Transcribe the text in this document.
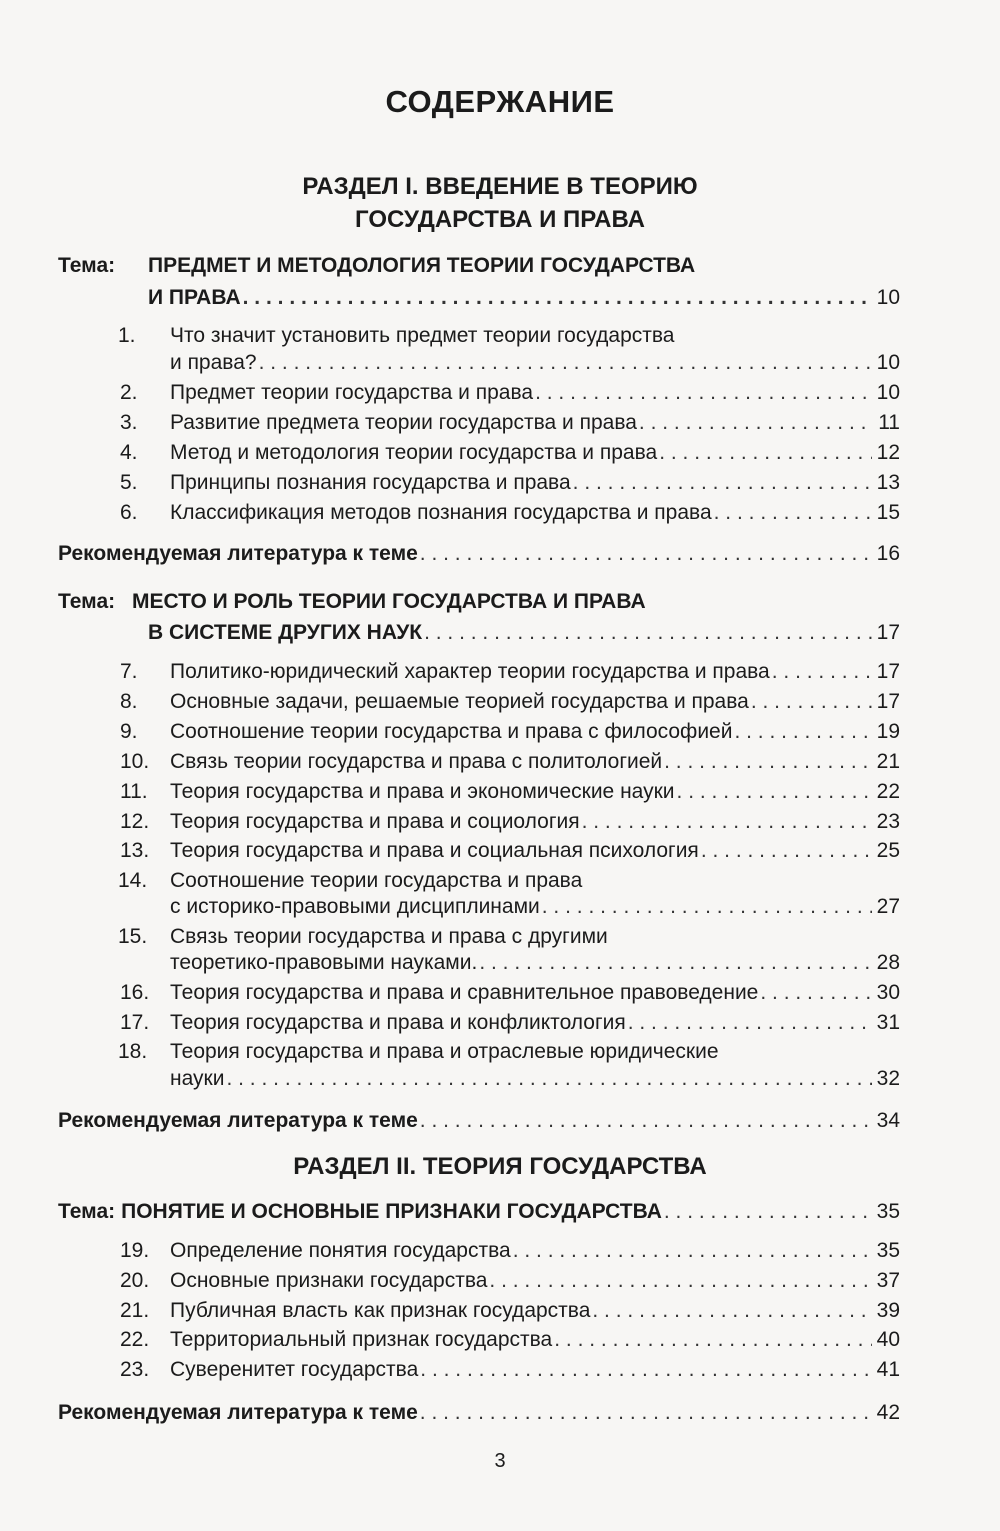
СОДЕРЖАНИЕ
РАЗДЕЛ I. ВВЕДЕНИЕ В ТЕОРИЮ
ГОСУДАРСТВА И ПРАВА
Тема: ПРЕДМЕТ И МЕТОДОЛОГИЯ ТЕОРИИ ГОСУДАРСТВА
И ПРАВА . . .	10
1. Что значит установить предмет теории государства
и права? . . .	10
2.	Предмет теории государства и права . . .	10
3.	Развитие предмета теории государства и права . . .	11
4.	Метод и методология теории государства и права . . .	12
5.	Принципы познания государства и права . . .	13
6.	Классификация методов познания государства и права . . .	15
Рекомендуемая литература к теме . . .	16
Тема: МЕСТО И РОЛЬ ТЕОРИИ ГОСУДАРСТВА И ПРАВА
В СИСТЕМЕ ДРУГИХ НАУК . . .	17
7.	Политико-юридический характер теории государства и права . . .	17
8.	Основные задачи, решаемые теорией государства и права . . .	17
9.	Соотношение теории государства и права с философией . . .	19
10. Связь теории государства и права с политологией . . .	21
11.	Теория государства и права и экономические науки . . .	22
12. Теория государства и права и социология . . .	23
13. Теория государства и права и социальная психология . . .	25
14. Соотношение теории государства и права
с историко-правовыми дисциплинами . . .	27
15. Связь теории государства и права с другими
теоретико-правовыми науками. . . .	28
16. Теория государства и права и сравнительное правоведение . . .	30
17. Теория государства и права и конфликтология . . .	31
18. Теория государства и права и отраслевые юридические
науки . . .	32
Рекомендуемая литература к теме . . .	34
РАЗДЕЛ II. ТЕОРИЯ ГОСУДАРСТВА
Тема: ПОНЯТИЕ И ОСНОВНЫЕ ПРИЗНАКИ ГОСУДАРСТВА . . .	35
19. Определение понятия государства . . .	35
20. Основные признаки государства . . .	37
21. Публичная власть как признак государства . . .	39
22. Территориальный признак государства . . .	40
23. Суверенитет государства . . .	41
Рекомендуемая литература к теме . . .	42
3
